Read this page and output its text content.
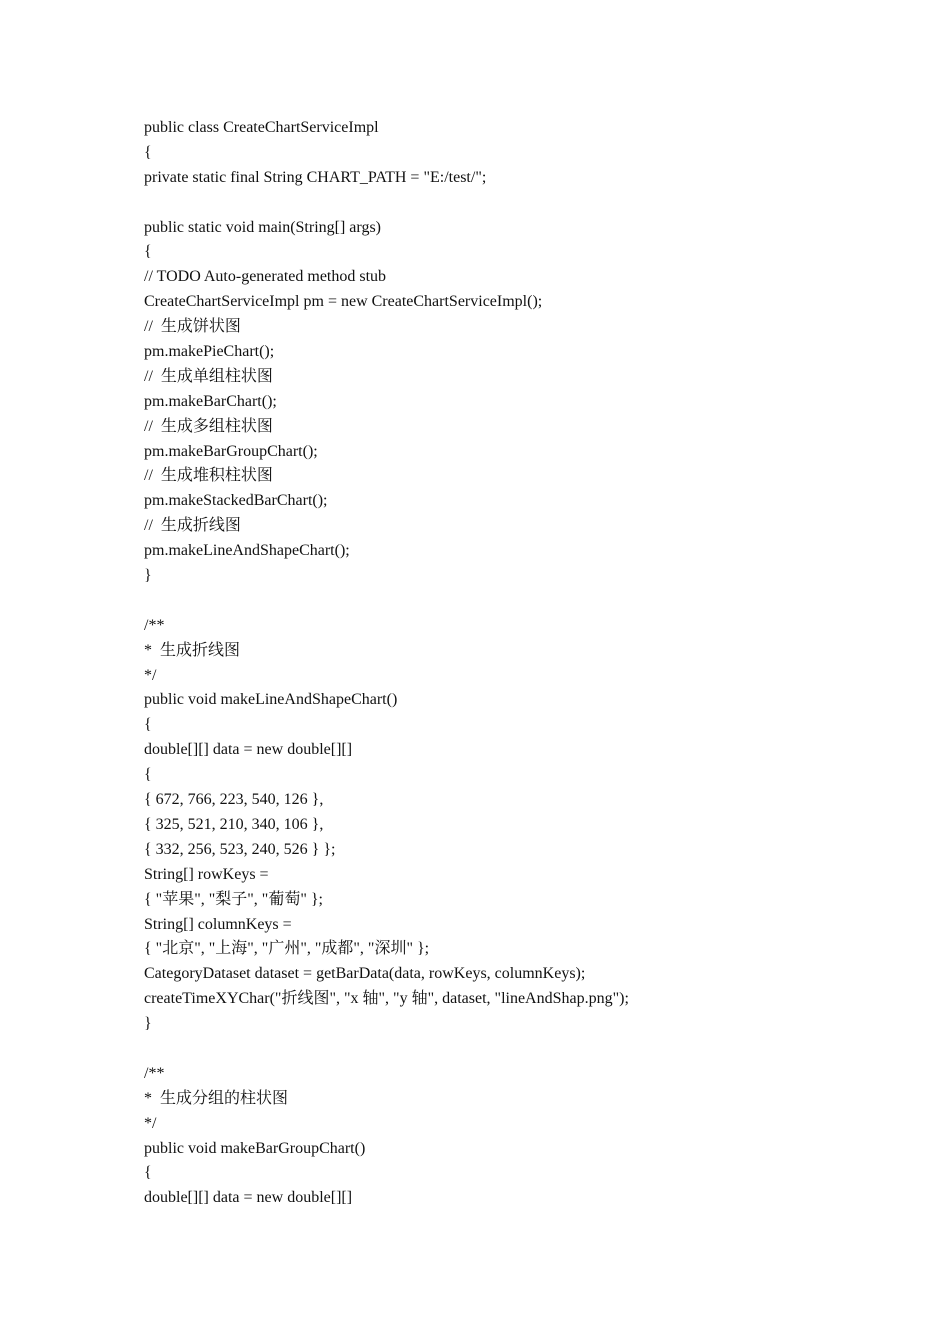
public class CreateChartServiceImpl
{
private static final String CHART_PATH = "E:/test/";
public static void main(String[] args)
{
// TODO Auto-generated method stub
CreateChartServiceImpl pm = new CreateChartServiceImpl();
//  生成饼状图
pm.makePieChart();
//  生成单组柱状图
pm.makeBarChart();
//  生成多组柱状图
pm.makeBarGroupChart();
//  生成堆积柱状图
pm.makeStackedBarChart();
//  生成折线图
pm.makeLineAndShapeChart();
}
/**
*  生成折线图
*/
public void makeLineAndShapeChart()
{
double[][] data = new double[][]
{
{ 672, 766, 223, 540, 126 },
{ 325, 521, 210, 340, 106 },
{ 332, 256, 523, 240, 526 } };
String[] rowKeys =
{ "苹果", "梨子", "葡萄" };
String[] columnKeys =
{ "北京", "上海", "广州", "成都", "深圳" };
CategoryDataset dataset = getBarData(data, rowKeys, columnKeys);
createTimeXYChar("折线图", "x 轴", "y 轴", dataset, "lineAndShap.png");
}
/**
*  生成分组的柱状图
*/
public void makeBarGroupChart()
{
double[][] data = new double[][]
